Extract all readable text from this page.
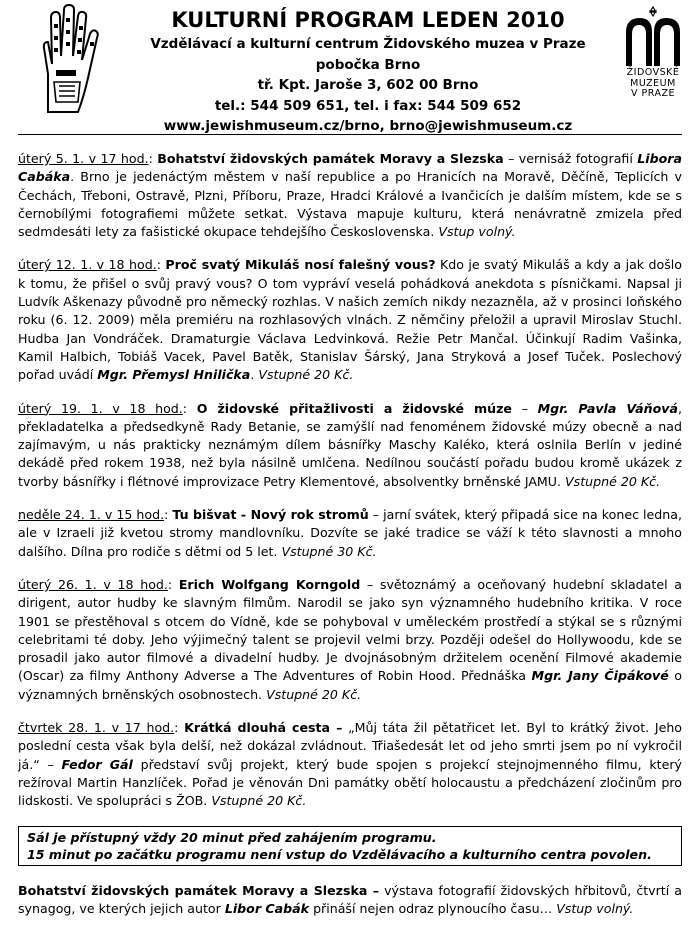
KULTURNÍ PROGRAM LEDEN 2010

Vzdělávací a kulturní centrum Židovského muzea v Praze

pobočka Brno

tř. Kpt. Jaroše 3, 602 00 Brno

tel.: 544 509 651, tel. i fax: 544 509 652

www.jewishmuseum.cz/brno, brno@jewishmuseum.cz

ŽIDOVSKÉ
MUZEUM
V PRAZE

úterý 5. 1. v 17 hod.: Bohatství židovských památek Moravy a Slezska – vernisáž fotografií Libora Cabáka. Brno je jedenáctým městem v naší republice a po Hranicích na Moravě, Děčíně, Teplicích v Čechách, Třeboni, Ostravě, Plzni, Příboru, Praze, Hradci Králové a Ivančicích je dalším místem, kde se s černobílými fotografiemi můžete setkat. Výstava mapuje kulturu, která nenávratně zmizela před sedmdesáti lety za fašistické okupace tehdejšího Československa. Vstup volný.

úterý 12. 1. v 18 hod.: Proč svatý Mikuláš nosí falešný vous? Kdo je svatý Mikuláš a kdy a jak došlo k tomu, že přišel o svůj pravý vous? O tom vypráví veselá pohádková anekdota s písničkami. Napsal ji Ludvík Aškenazy původně pro německý rozhlas. V našich zemích nikdy nezazněla, až v prosinci loňského roku (6. 12. 2009) měla premiéru na rozhlasových vlnách. Z němčiny přeložil a upravil Miroslav Stuchl. Hudba Jan Vondráček. Dramaturgie Václava Ledvinková. Režie Petr Mančal. Účinkují Radim Vašinka, Kamil Halbich, Tobiáš Vacek, Pavel Batěk, Stanislav Šárský, Jana Stryková a Josef Tuček. Poslechový pořad uvádí Mgr. Přemysl Hnilička. Vstupné 20 Kč.

úterý 19. 1. v 18 hod.: O židovské přitažlivosti a židovské múze – Mgr. Pavla Váňová, překladatelka a předsedkyně Rady Betanie, se zamýšlí nad fenoménem židovské múzy obecně a nad zajímavým, u nás prakticky neznámým dílem básnířky Maschy Kaléko, která oslnila Berlín v jediné dekádě před rokem 1938, než byla násilně umlčena. Nedílnou součástí pořadu budou kromě ukázek z tvorby básnířky i flétnové improvizace Petry Klementové, absolventky brněnské JAMU. Vstupné 20 Kč.

neděle 24. 1. v 15 hod.: Tu bišvat - Nový rok stromů – jarní svátek, který připadá sice na konec ledna, ale v Izraeli již kvetou stromy mandlovníku. Dozvíte se jaké tradice se váží k této slavnosti a mnoho dalšího. Dílna pro rodiče s dětmi od 5 let. Vstupné 30 Kč.

úterý 26. 1. v 18 hod.: Erich Wolfgang Korngold – světoznámý a oceňovaný hudební skladatel a dirigent, autor hudby ke slavným filmům. Narodil se jako syn významného hudebního kritika. V roce 1901 se přestěhoval s otcem do Vídně, kde se pohyboval v uměleckém prostředí a stýkal se s různými celebritami té doby. Jeho výjimečný talent se projevil velmi brzy. Později odešel do Hollywoodu, kde se prosadil jako autor filmové a divadelní hudby. Je dvojnásobným držitelem ocenění Filmové akademie (Oscar) za filmy Anthony Adverse a The Adventures of Robin Hood. Přednáška Mgr. Jany Čipákové o významných brněnských osobnostech. Vstupné 20 Kč.

čtvrtek 28. 1. v 17 hod.: Krátká dlouhá cesta – „Můj táta žil pětatřicet let. Byl to krátký život. Jeho poslední cesta však byla delší, než dokázal zvládnout. Třiašedesát let od jeho smrti jsem po ní vykročil já.“ – Fedor Gál představí svůj projekt, který bude spojen s projekcí stejnojmenného filmu, který režíroval Martin Hanzlíček. Pořad je věnován Dni památky obětí holocaustu a předcházení zločinům pro lidskosti. Ve spolupráci s ŽOB. Vstupné 20 Kč.

Sál je přístupný vždy 20 minut před zahájením programu.

15 minut po začátku programu není vstup do Vzdělávacího a kulturního centra povolen.

Bohatství židovských památek Moravy a Slezska – výstava fotografií židovských hřbitovů, čtvrtí a synagog, ve kterých jejich autor Libor Cabák přináší nejen odraz plynoucího času… Vstup volný.
